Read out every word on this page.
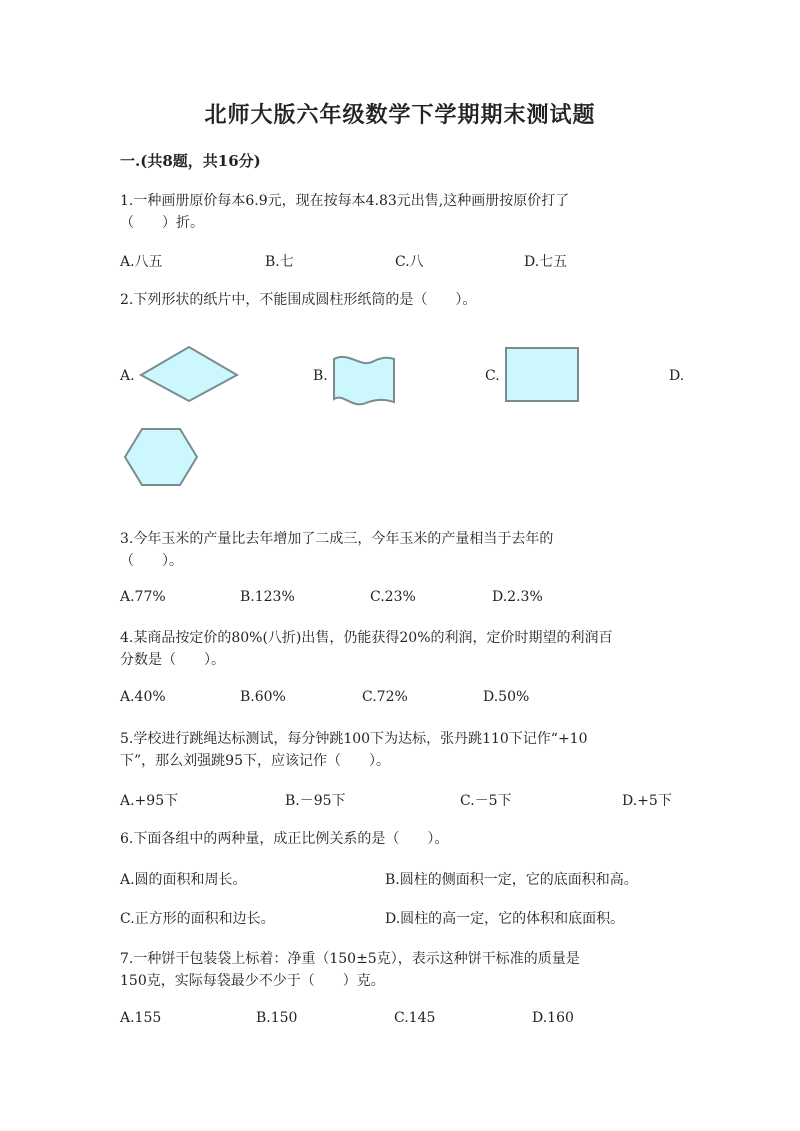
北师大版六年级数学下学期期末测试题
一.(共8题，共16分)
1.一种画册原价每本6.9元，现在按每本4.83元出售,这种画册按原价打了
（　　）折。
A.八五	B.七	C.八	D.七五
2.下列形状的纸片中，不能围成圆柱形纸筒的是（　　）。
A.	B.	C.	D.
3.今年玉米的产量比去年增加了二成三，今年玉米的产量相当于去年的
（　　）。
A.77%	B.123%	C.23%	D.2.3%
4.某商品按定价的80%(八折)出售，仍能获得20%的利润，定价时期望的利润百
分数是（　　）。
A.40%	B.60%	C.72%	D.50%
5.学校进行跳绳达标测试，每分钟跳100下为达标，张丹跳110下记作“+10
下”，那么刘强跳95下，应该记作（　　）。
A.+95下	B.－95下	C.－5下	D.+5下
6.下面各组中的两种量，成正比例关系的是（　　）。
A.圆的面积和周长。	B.圆柱的侧面积一定，它的底面积和高。
C.正方形的面积和边长。	D.圆柱的高一定，它的体积和底面积。
7.一种饼干包装袋上标着：净重（150±5克），表示这种饼干标准的质量是
150克，实际每袋最少不少于（　　）克。
A.155	B.150	C.145	D.160
